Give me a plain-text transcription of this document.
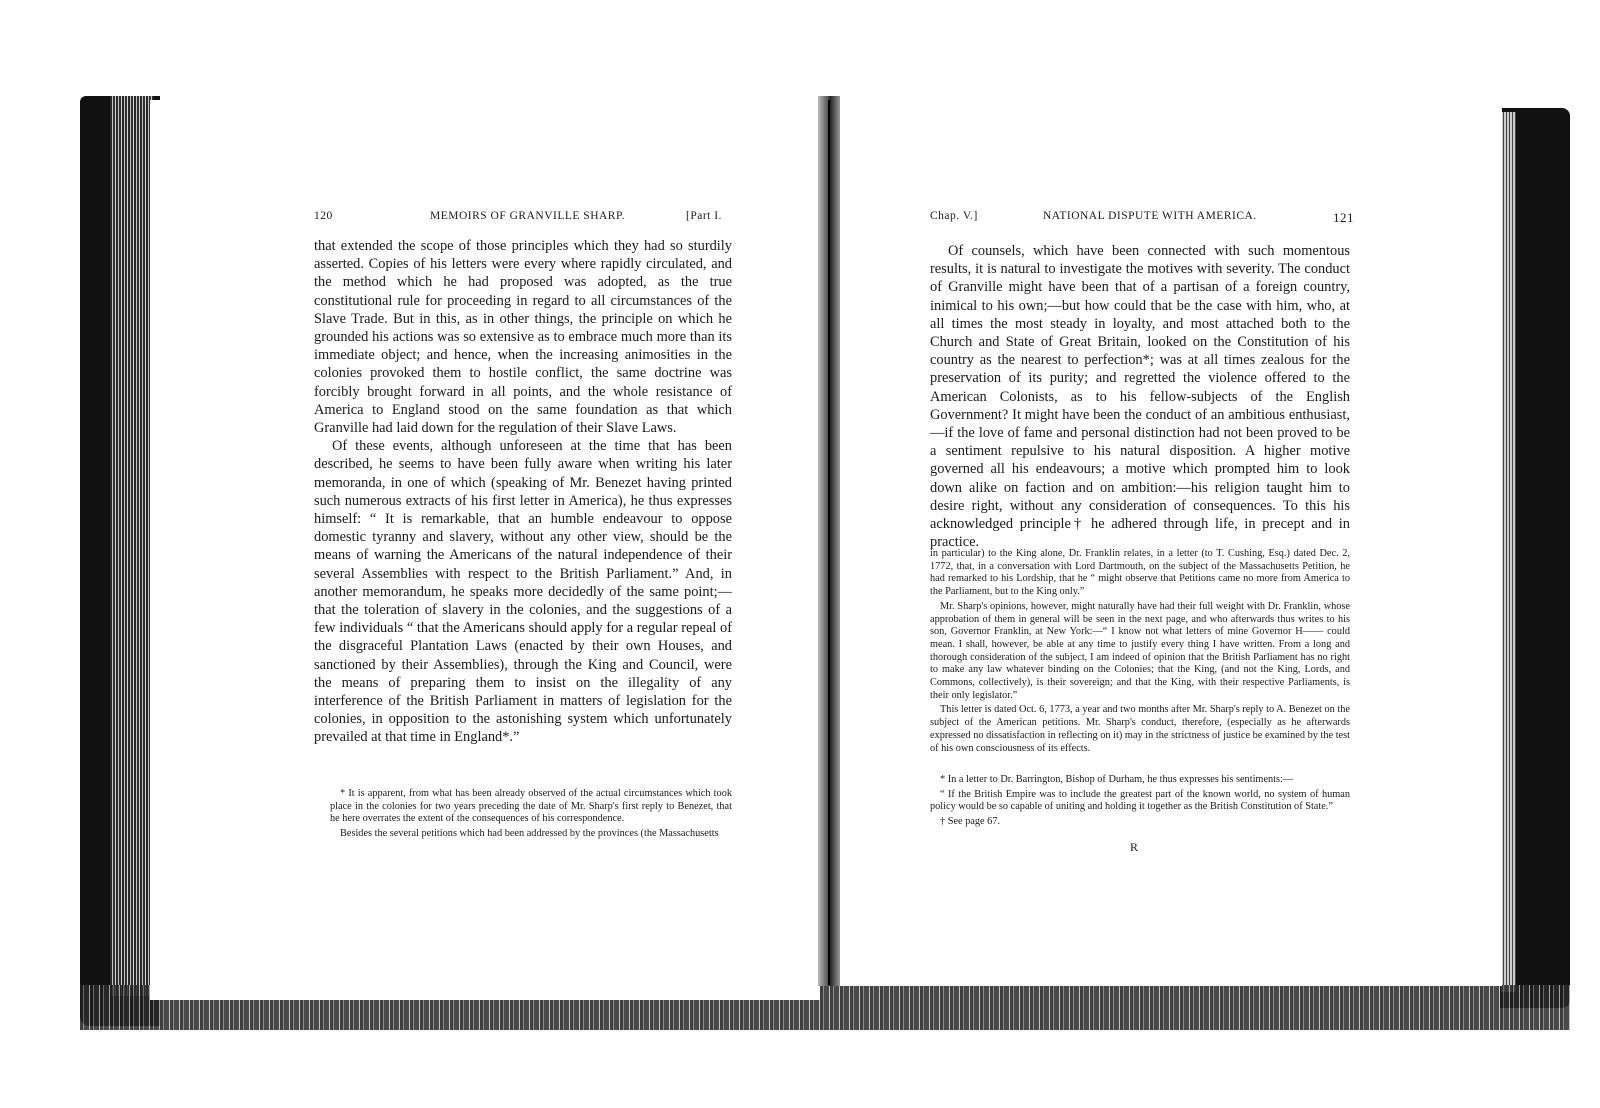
120	MEMOIRS OF GRANVILLE SHARP.	[Part I.

that extended the scope of those principles which they had so sturdily asserted. Copies of his letters were every where rapidly circulated, and the method which he had proposed was adopted, as the true constitutional rule for proceeding in regard to all circumstances of the Slave Trade. But in this, as in other things, the principle on which he grounded his actions was so extensive as to embrace much more than its immediate object; and hence, when the increasing animosities in the colonies provoked them to hostile conflict, the same doctrine was forcibly brought forward in all points, and the whole resistance of America to England stood on the same foundation as that which Granville had laid down for the regulation of their Slave Laws.

Of these events, although unforeseen at the time that has been described, he seems to have been fully aware when writing his later memoranda, in one of which (speaking of Mr. Benezet having printed such numerous extracts of his first letter in America), he thus expresses himself: “ It is remarkable, that an humble endeavour to oppose domestic tyranny and slavery, without any other view, should be the means of warning the Americans of the natural independence of their several Assemblies with respect to the British Parliament.” And, in another memorandum, he speaks more decidedly of the same point;—that the toleration of slavery in the colonies, and the suggestions of a few individuals “ that the Americans should apply for a regular repeal of the disgraceful Plantation Laws (enacted by their own Houses, and sanctioned by their Assemblies), through the King and Council, were the means of preparing them to insist on the illegality of any interference of the British Parliament in matters of legislation for the colonies, in opposition to the astonishing system which unfortunately prevailed at that time in England*.”

* It is apparent, from what has been already observed of the actual circumstances which took place in the colonies for two years preceding the date of Mr. Sharp's first reply to Benezet, that he here overrates the extent of the consequences of his correspondence.

Besides the several petitions which had been addressed by the provinces (the Massachusetts

Chap. V.]	NATIONAL DISPUTE WITH AMERICA.	121

Of counsels, which have been connected with such momentous results, it is natural to investigate the motives with severity. The conduct of Granville might have been that of a partisan of a foreign country, inimical to his own;—but how could that be the case with him, who, at all times the most steady in loyalty, and most attached both to the Church and State of Great Britain, looked on the Constitution of his country as the nearest to perfection*; was at all times zealous for the preservation of its purity; and regretted the violence offered to the American Colonists, as to his fellow-subjects of the English Government? It might have been the conduct of an ambitious enthusiast,—if the love of fame and personal distinction had not been proved to be a sentiment repulsive to his natural disposition. A higher motive governed all his endeavours; a motive which prompted him to look down alike on faction and on ambition:—his religion taught him to desire right, without any consideration of consequences. To this his acknowledged principle† he adhered through life, in precept and in practice.

in particular) to the King alone, Dr. Franklin relates, in a letter (to T. Cushing, Esq.) dated Dec. 2, 1772, that, in a conversation with Lord Dartmouth, on the subject of the Massachusetts Petition, he had remarked to his Lordship, that he “ might observe that Petitions came no more from America to the Parliament, but to the King only.”

Mr. Sharp's opinions, however, might naturally have had their full weight with Dr. Franklin, whose approbation of them in general will be seen in the next page, and who afterwards thus writes to his son, Governor Franklin, at New York:—“ I know not what letters of mine Governor H—— could mean. I shall, however, be able at any time to justify every thing I have written. From a long and thorough consideration of the subject, I am indeed of opinion that the British Parliament has no right to make any law whatever binding on the Colonies; that the King, (and not the King, Lords, and Commons, collectively), is their sovereign; and that the King, with their respective Parliaments, is their only legislator.”

This letter is dated Oct. 6, 1773, a year and two months after Mr. Sharp's reply to A. Benezet on the subject of the American petitions. Mr. Sharp's conduct, therefore, (especially as he afterwards expressed no dissatisfaction in reflecting on it) may in the strictness of justice be examined by the test of his own consciousness of its effects.

* In a letter to Dr. Barrington, Bishop of Durham, he thus expresses his sentiments:—

“ If the British Empire was to include the greatest part of the known world, no system of human policy would be so capable of uniting and holding it together as the British Constitution of State.”

† See page 67.

R
